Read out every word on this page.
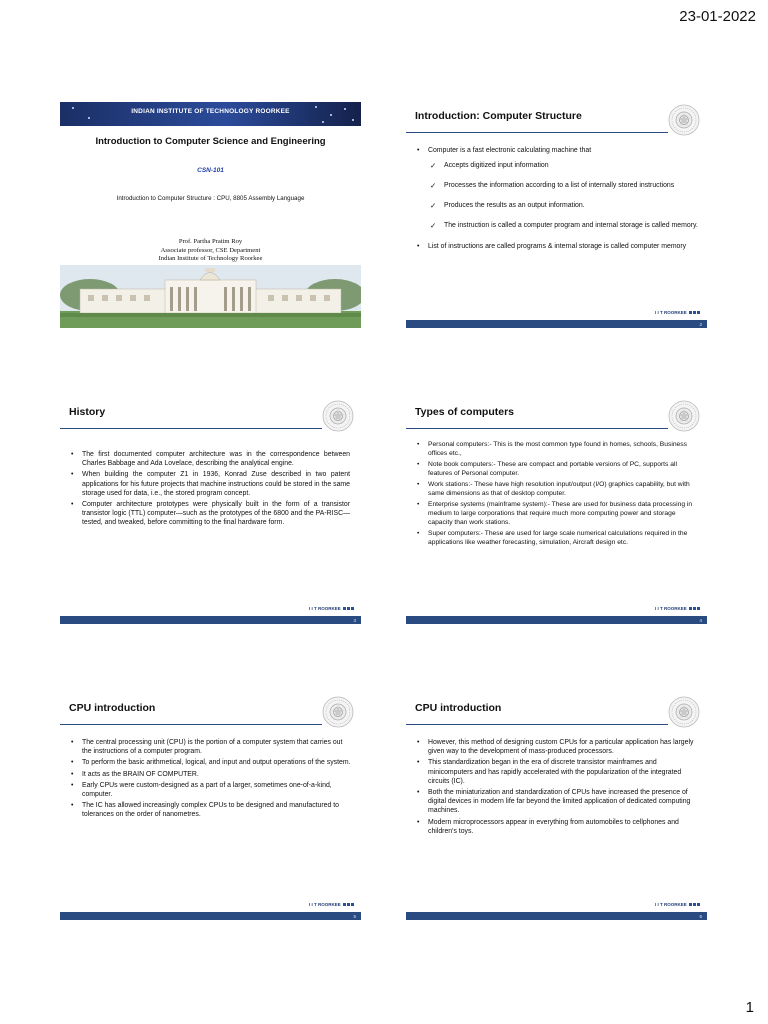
23-01-2022
INDIAN INSTITUTE OF TECHNOLOGY ROORKEE
Introduction to Computer Science and Engineering
CSN-101
Introduction to Computer Structure : CPU, 8805 Assembly Language
Prof. Partha Pratim Roy
Associate professor, CSE Department
Indian Institute of Technology Roorkee
Introduction: Computer Structure
• Computer is a fast electronic calculating machine that
✓ Accepts digitized input information
✓ Processes the information according to a list of internally stored instructions
✓ Produces the results as an output information.
✓ The instruction is called a computer program and internal storage is called memory.
• List of instructions are called programs & internal storage is called computer memory
I I T ROORKEE
2
History
• The first documented computer architecture was in the correspondence between Charles Babbage and Ada Lovelace, describing the analytical engine.
• When building the computer Z1 in 1936, Konrad Zuse described in two patent applications for his future projects that machine instructions could be stored in the same storage used for data, i.e., the stored program concept.
• Computer architecture prototypes were physically built in the form of a transistor transistor logic (TTL) computer—such as the prototypes of the 6800 and the PA-RISC—tested, and tweaked, before committing to the final hardware form.
I I T ROORKEE
3
Types of computers
• Personal computers:- This is the most common type found in homes, schools, Business offices etc.,
• Note book computers:- These are compact and portable versions of PC, supports all features of Personal computer.
• Work stations:- These have high resolution input/output (I/O) graphics capability, but with same dimensions as that of desktop computer.
• Enterprise systems (mainframe system):- These are used for business data processing in medium to large corporations that require much more computing power and storage capacity than work stations.
• Super computers:- These are used for large scale numerical calculations required in the applications like weather forecasting, simulation, Aircraft design etc.
I I T ROORKEE
4
CPU introduction
• The central processing unit (CPU) is the portion of a computer system that carries out the instructions of a computer program.
• To perform the basic arithmetical, logical, and input and output operations of the system.
• It acts as the BRAIN OF COMPUTER.
• Early CPUs were custom-designed as a part of a larger, sometimes one-of-a-kind, computer.
• The IC has allowed increasingly complex CPUs to be designed and manufactured to tolerances on the order of nanometres.
I I T ROORKEE
5
CPU introduction
• However, this method of designing custom CPUs for a particular application has largely given way to the development of mass-produced processors.
• This standardization began in the era of discrete transistor mainframes and minicomputers and has rapidly accelerated with the popularization of the integrated circuits (IC).
• Both the miniaturization and standardization of CPUs have increased the presence of digital devices in modern life far beyond the limited application of dedicated computing machines.
• Modern microprocessors appear in everything from automobiles to cellphones and children's toys.
I I T ROORKEE
6
1
